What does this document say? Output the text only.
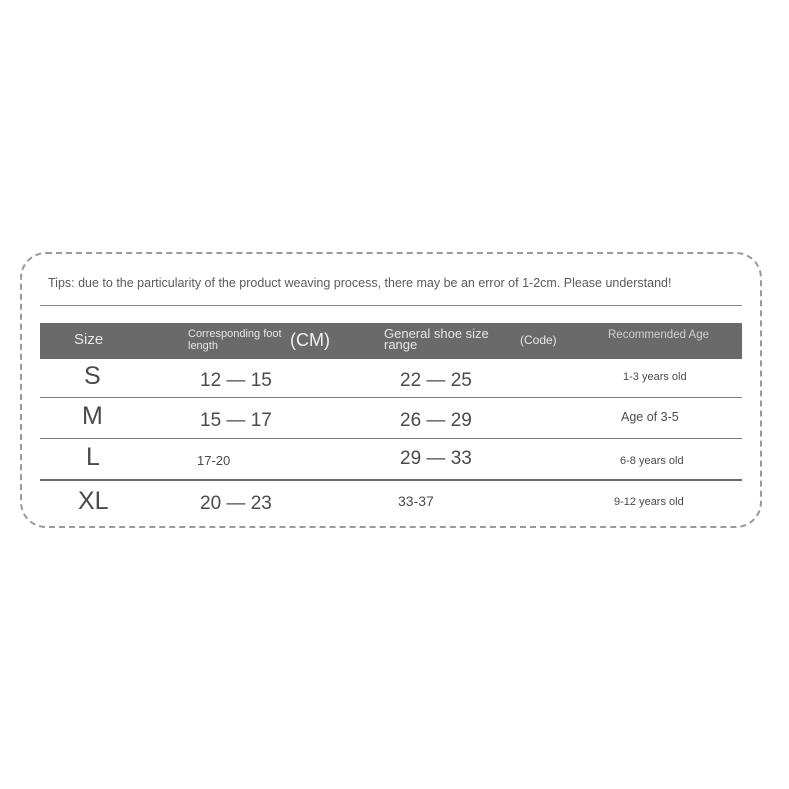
Tips: due to the particularity of the product weaving process, there may be an error of 1-2cm. Please understand!
Size	Corresponding foot length	(CM)	General shoe size range	(Code)	Recommended Age
S	12 — 15	22 — 25	1-3 years old
M	15 — 17	26 — 29	Age of 3-5
L	17-20	29 — 33	6-8 years old
XL	20 — 23	33-37	9-12 years old
